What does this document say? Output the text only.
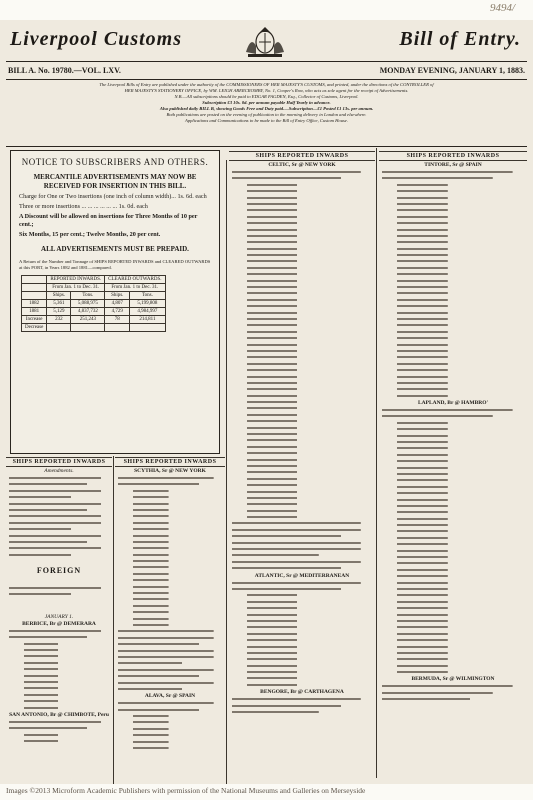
9494/
Liverpool Customs	Bill of Entry.
BILL A. No. 19780.—VOL. LXV.	MONDAY EVENING, JANUARY 1, 1883.

The Liverpool Bills of Entry are published under the authority of the COMMISSIONERS OF HER MAJESTY'S CUSTOMS, and printed, under the directions of the CONTROLLER of

HER MAJESTY'S STATIONERY OFFICE, by WM. LEIGH ABERCROMBY, No. 1, Cooper's Row, who acts as sole agent for the receipt of Advertisements.

N.B.—All subscriptions should be paid to EDGAR FAGDEN, Esq., Collector of Customs, Liverpool.

Subscription £3 10s. 0d. per annum payable Half Yearly in advance.

Also published daily BILL B, showing Goods Free and Duty paid.—Subscription—£1 Posted £1 13s. per annum.

Both publications are posted on the evening of publication to the morning delivery in London and elsewhere.

Applications and Communications to be made to the Bill of Entry Office, Custom House.

NOTICE TO SUBSCRIBERS AND OTHERS.
MERCANTILE ADVERTISEMENTS MAY NOW BE RECEIVED FOR INSERTION IN THIS BILL.
Charge for One or Two insertions (one inch of column width)... 1s. 6d. each
Three or more insertions ... ... ... ... ... ... 1s. 0d. each
A Discount will be allowed on insertions for Three Months of 10 per cent.;
Six Months, 15 per cent.; Twelve Months, 20 per cent.
ALL ADVERTISEMENTS MUST BE PREPAID.
A Return of the Number and Tonnage of SHIPS REPORTED INWARDS and CLEARED OUTWARDS at this PORT, in Years 1882 and 1881—compared.
	REPORTED INWARDS.		CLEARED OUTWARDS.	
	From Jan. 1 to Dec. 31.		From Jan. 1 to Dec. 31.	
	Ships.	Tons.	Ships.	Tons.
1882	5,361	5,088,975	4,807	5,199,808
1881	5,129	4,837,732	4,729	4,984,997
Increase	232	251,243	78	214,811
Decrease				
SHIPS REPORTED INWARDS
Amendments.
FOREIGN
JANUARY 1.
BERBICE, Br @ DEMERARA
SAN ANTONIO, Br @ CHIMBOTE, Peru
SHIPS REPORTED INWARDS
SCYTHIA, Sr @ NEW YORK
ALAVA, Sr @ SPAIN
SHIPS REPORTED INWARDS
CELTIC, Sr @ NEW YORK
ATLANTIC, Sr @ MEDITERRANEAN
BENGORE, Br @ CARTHAGENA
SHIPS REPORTED INWARDS
TINTORE, Sr @ SPAIN
LAPLAND, Br @ HAMBRO'
BERMUDA, Sr @ WILMINGTON
Images ©2013 Microform Academic Publishers with permission of the National Museums and Galleries on Merseyside
